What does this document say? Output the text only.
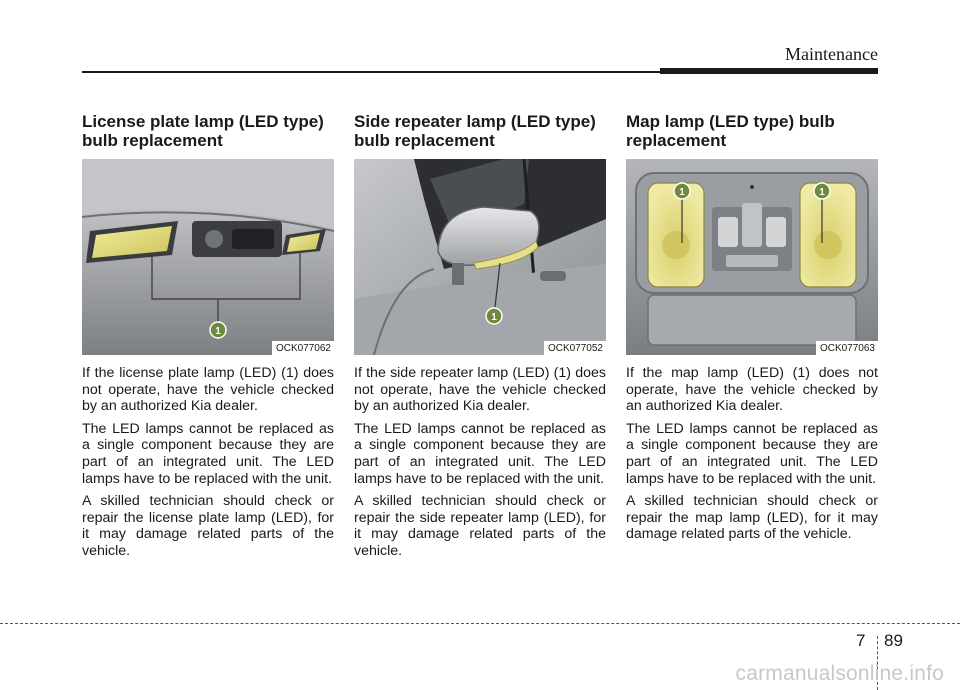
Maintenance
License plate lamp (LED type) bulb replacement
1
OCK077062

If the license plate lamp (LED) (1) does not operate, have the vehicle checked by an authorized Kia dealer.

The LED lamps cannot be replaced as a single component because they are part of an integrated unit. The LED lamps have to be replaced with the unit.

A skilled technician should check or repair the license plate lamp (LED), for it may damage related parts of the vehicle.

Side repeater lamp (LED type) bulb replacement
1
OCK077052

If the side repeater lamp (LED) (1) does not operate, have the vehicle checked by an authorized Kia dealer.

The LED lamps cannot be replaced as a single component because they are part of an integrated unit. The LED lamps have to be replaced with the unit.

A skilled technician should check or repair the side repeater lamp (LED), for it may damage related parts of the vehicle.

Map lamp (LED type) bulb replacement
1	1
OCK077063

If the map lamp (LED) (1) does not operate, have the vehicle checked by an authorized Kia dealer.

The LED lamps cannot be replaced as a single component because they are part of an integrated unit. The LED lamps have to be replaced with the unit.

A skilled technician should check or repair the map lamp (LED), for it may damage related parts of the vehicle.

7 89
carmanualsonline.info
